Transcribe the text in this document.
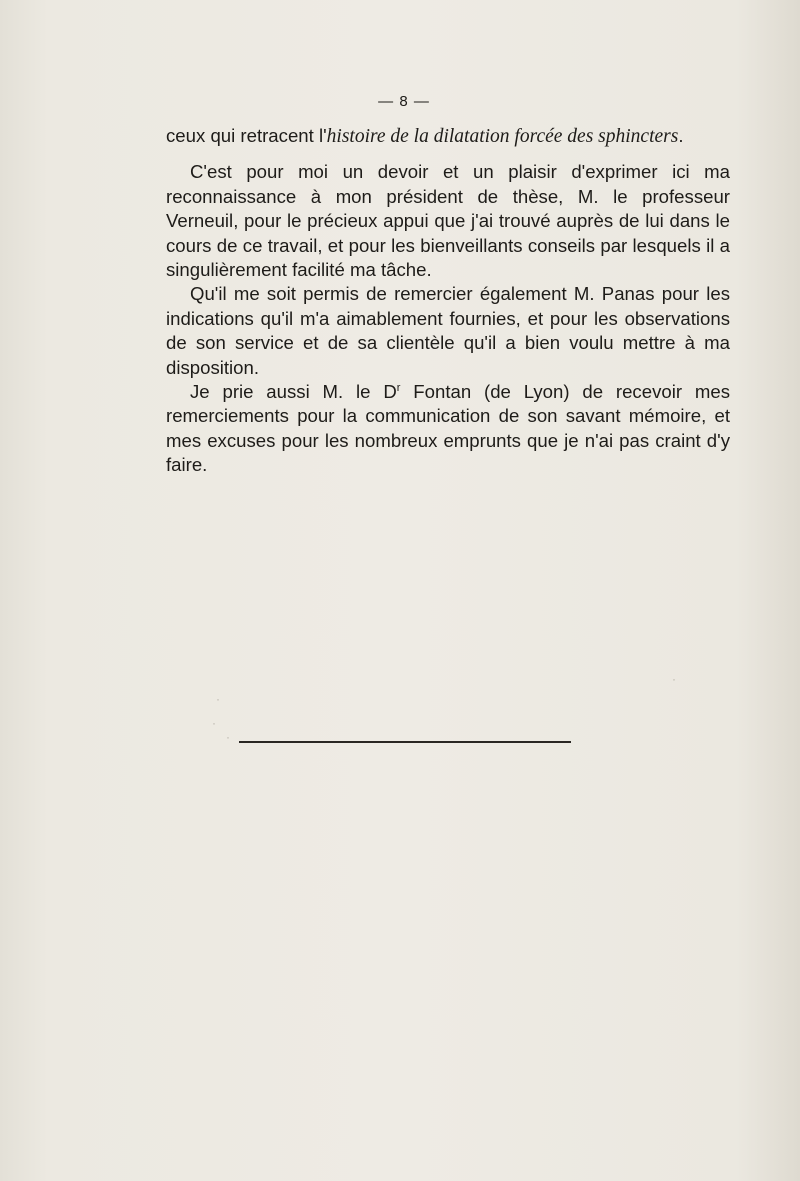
— 8 —

ceux qui retracent l'histoire de la dilatation forcée des sphincters.

C'est pour moi un devoir et un plaisir d'exprimer ici ma reconnaissance à mon président de thèse, M. le professeur Verneuil, pour le précieux appui que j'ai trouvé auprès de lui dans le cours de ce travail, et pour les bienveillants conseils par lesquels il a singulièrement facilité ma tâche.

Qu'il me soit permis de remercier également M. Panas pour les indications qu'il m'a aimablement fournies, et pour les observations de son service et de sa clientèle qu'il a bien voulu mettre à ma disposition.

Je prie aussi M. le $D^r$ Fontan (de Lyon) de recevoir mes remerciements pour la communication de son savant mémoire, et mes excuses pour les nombreux emprunts que je n'ai pas craint d'y faire.

·
·
·
·
